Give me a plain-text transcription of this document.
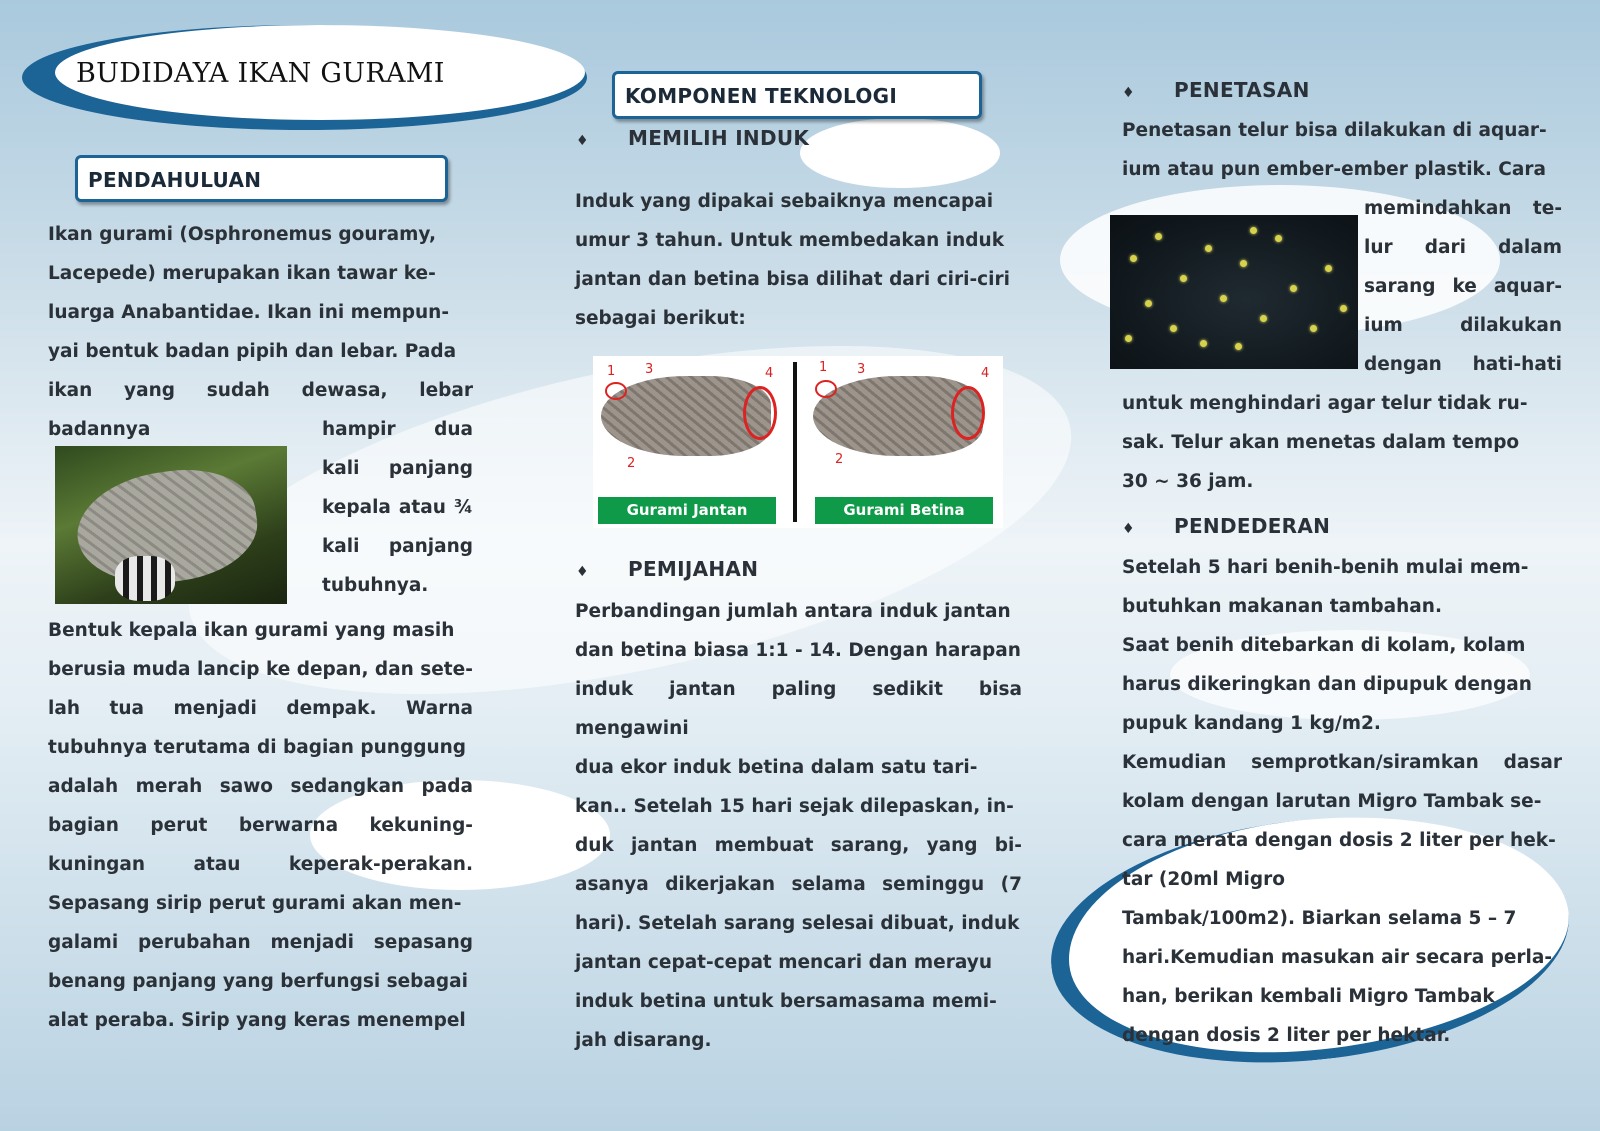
BUDIDAYA IKAN GURAMI
PENDAHULUAN
Ikan gurami (Osphronemus gouramy,
Lacepede) merupakan ikan tawar ke-
luarga Anabantidae. Ikan ini mempun-
yai bentuk badan pipih dan lebar. Pada
ikan yang sudah dewasa, lebar badannya	hampir dua
kali panjang
kepala atau ¾
kali panjang
tubuhnya.
Bentuk kepala ikan gurami yang masih
berusia muda lancip ke depan, dan sete-
lah tua menjadi dempak. Warna
tubuhnya terutama di bagian punggung
adalah merah sawo sedangkan pada
bagian perut berwarna kekuning-
kuningan atau keperak-perakan.
Sepasang sirip perut gurami akan men-
galami perubahan menjadi sepasang
benang panjang yang berfungsi sebagai
alat peraba. Sirip yang keras menempel
KOMPONEN TEKNOLOGI
♦ MEMILIH INDUK
Induk yang dipakai sebaiknya mencapai
umur 3 tahun. Untuk membedakan induk
jantan dan betina bisa dilihat dari ciri-ciri
sebagai berikut:
1
2
3	4	1
2
3	4
Gurami Jantan	Gurami Betina
♦ PEMIJAHAN
Perbandingan jumlah antara induk jantan
dan betina biasa 1:1 - 14. Dengan harapan
induk jantan paling sedikit bisa mengawini
dua ekor induk betina dalam satu tari-
kan.. Setelah 15 hari sejak dilepaskan, in-
duk jantan membuat sarang, yang bi-
asanya dikerjakan selama seminggu (7
hari). Setelah sarang selesai dibuat, induk
jantan cepat-cepat mencari dan merayu
induk betina untuk bersamasama memi-
jah disarang.
♦ PENETASAN
Penetasan telur bisa dilakukan di aquar-
ium atau pun ember-ember plastik. Cara
memindahkan te-
lur dari dalam
sarang ke aquar-
ium dilakukan
dengan hati-hati
untuk menghindari agar telur tidak ru-
sak. Telur akan menetas dalam tempo
30 ~ 36 jam.
♦ PENDEDERAN
Setelah 5 hari benih-benih mulai mem-
butuhkan makanan tambahan.
Saat benih ditebarkan di kolam, kolam
harus dikeringkan dan dipupuk dengan
pupuk kandang 1 kg/m2.
Kemudian semprotkan/siramkan dasar
kolam dengan larutan Migro Tambak se-
cara merata dengan dosis 2 liter per hek-
tar (20ml Migro
Tambak/100m2). Biarkan selama 5 – 7
hari.Kemudian masukan air secara perla-
han, berikan kembali Migro Tambak
dengan dosis 2 liter per hektar.
